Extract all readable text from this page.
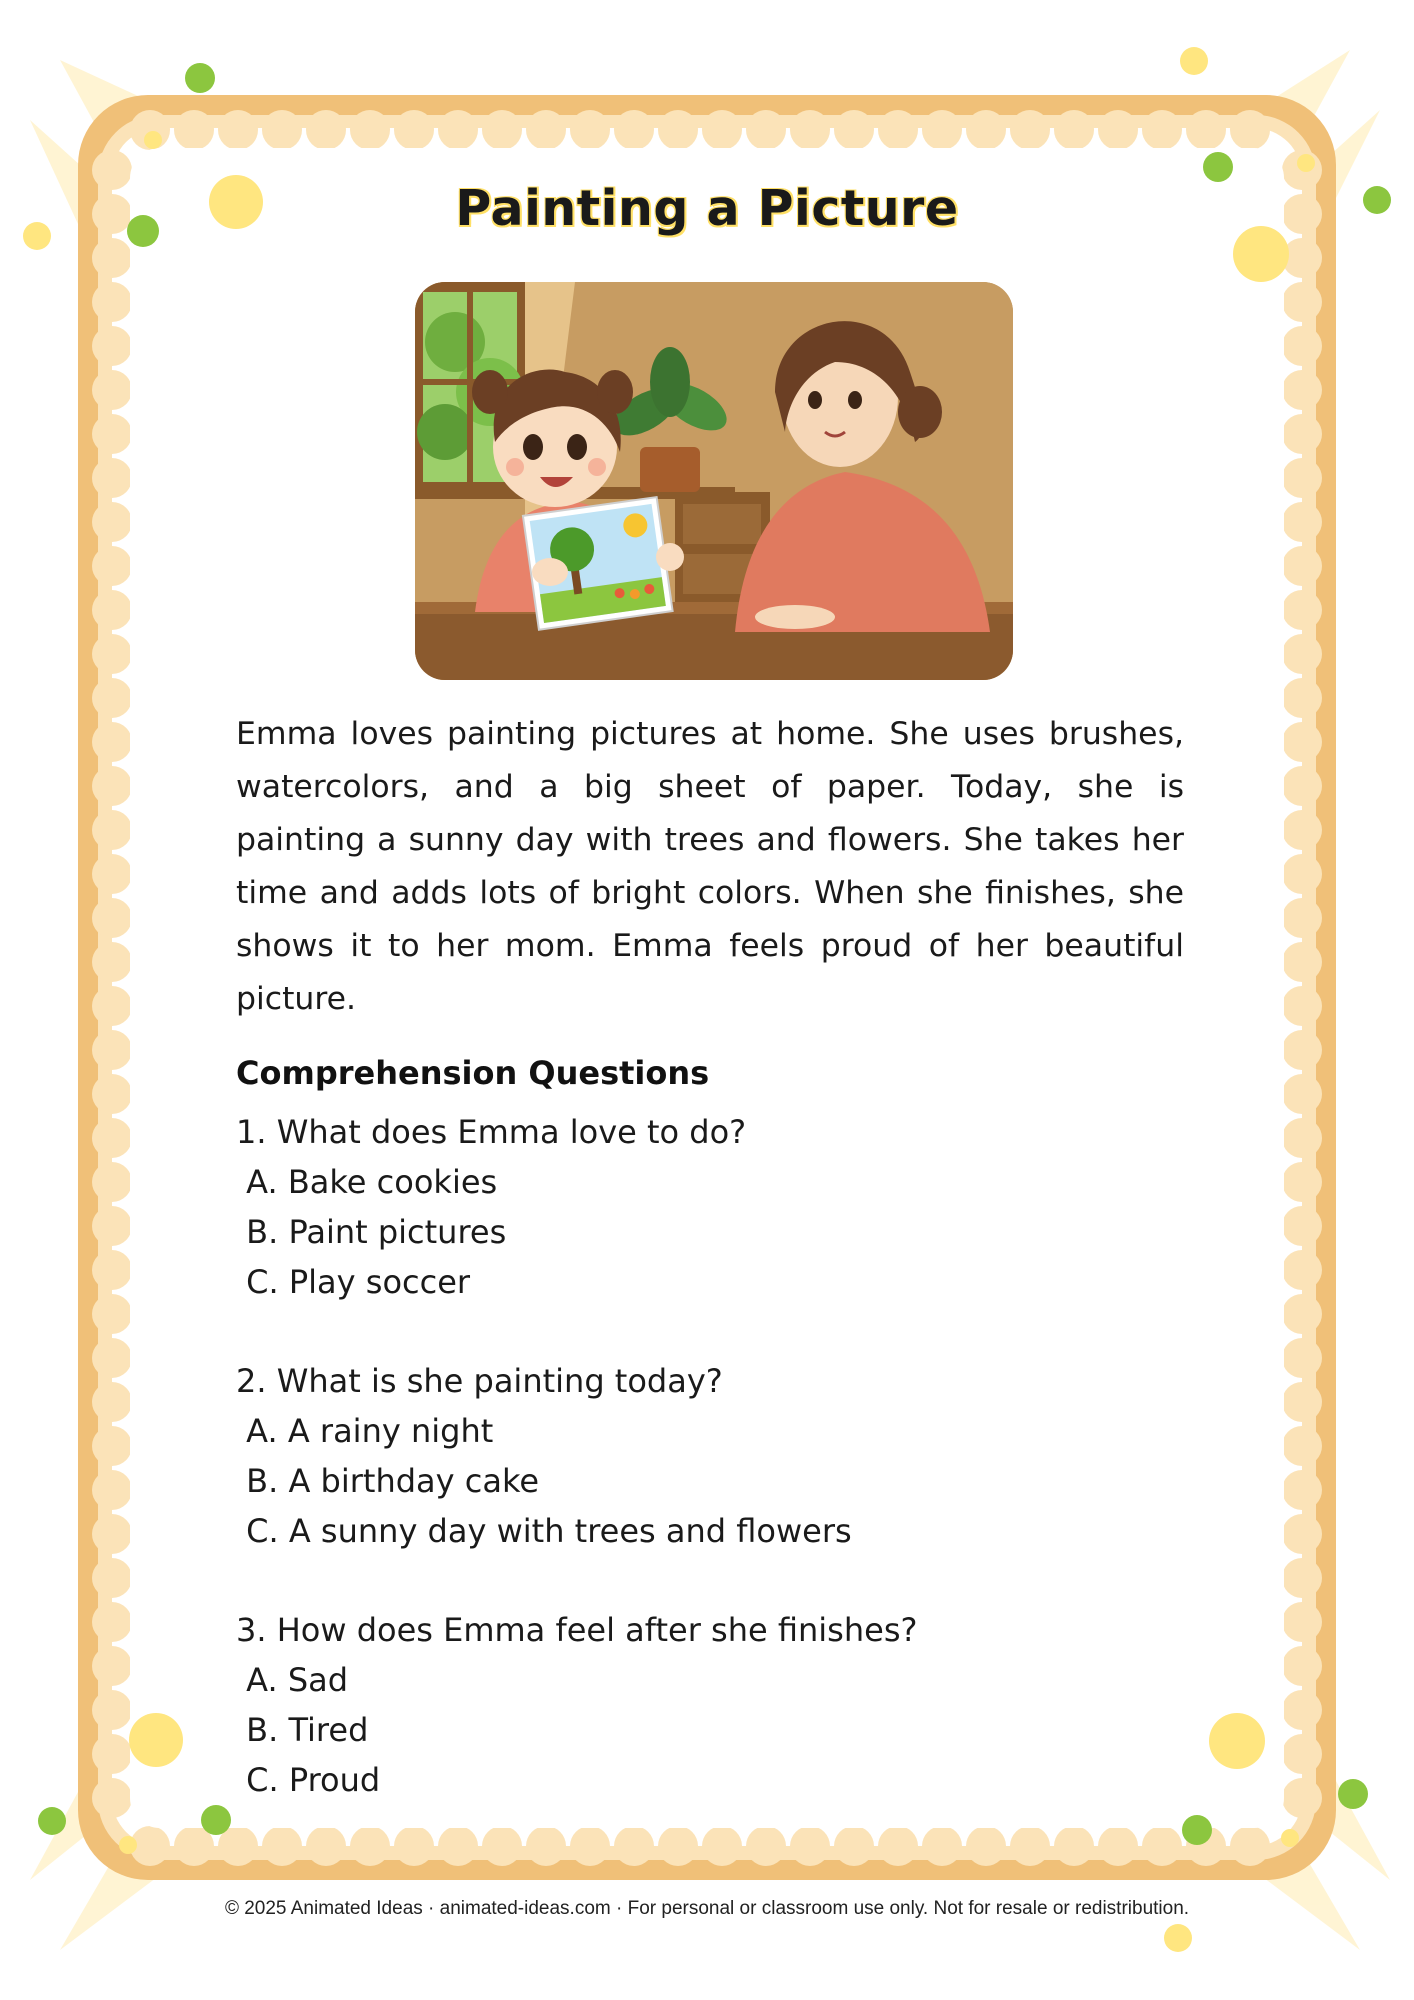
Painting a Picture
Emma loves painting pictures at home. She uses brushes, watercolors, and a big sheet of paper. Today, she is painting a sunny day with trees and flowers. She takes her time and adds lots of bright colors. When she finishes, she shows it to her mom. Emma feels proud of her beautiful picture.
Comprehension Questions
1. What does Emma love to do?
A. Bake cookies
B. Paint pictures
C. Play soccer
2. What is she painting today?
A. A rainy night
B. A birthday cake
C. A sunny day with trees and flowers
3. How does Emma feel after she finishes?
A. Sad
B. Tired
C. Proud
© 2025 Animated Ideas · animated-ideas.com · For personal or classroom use only. Not for resale or redistribution.
